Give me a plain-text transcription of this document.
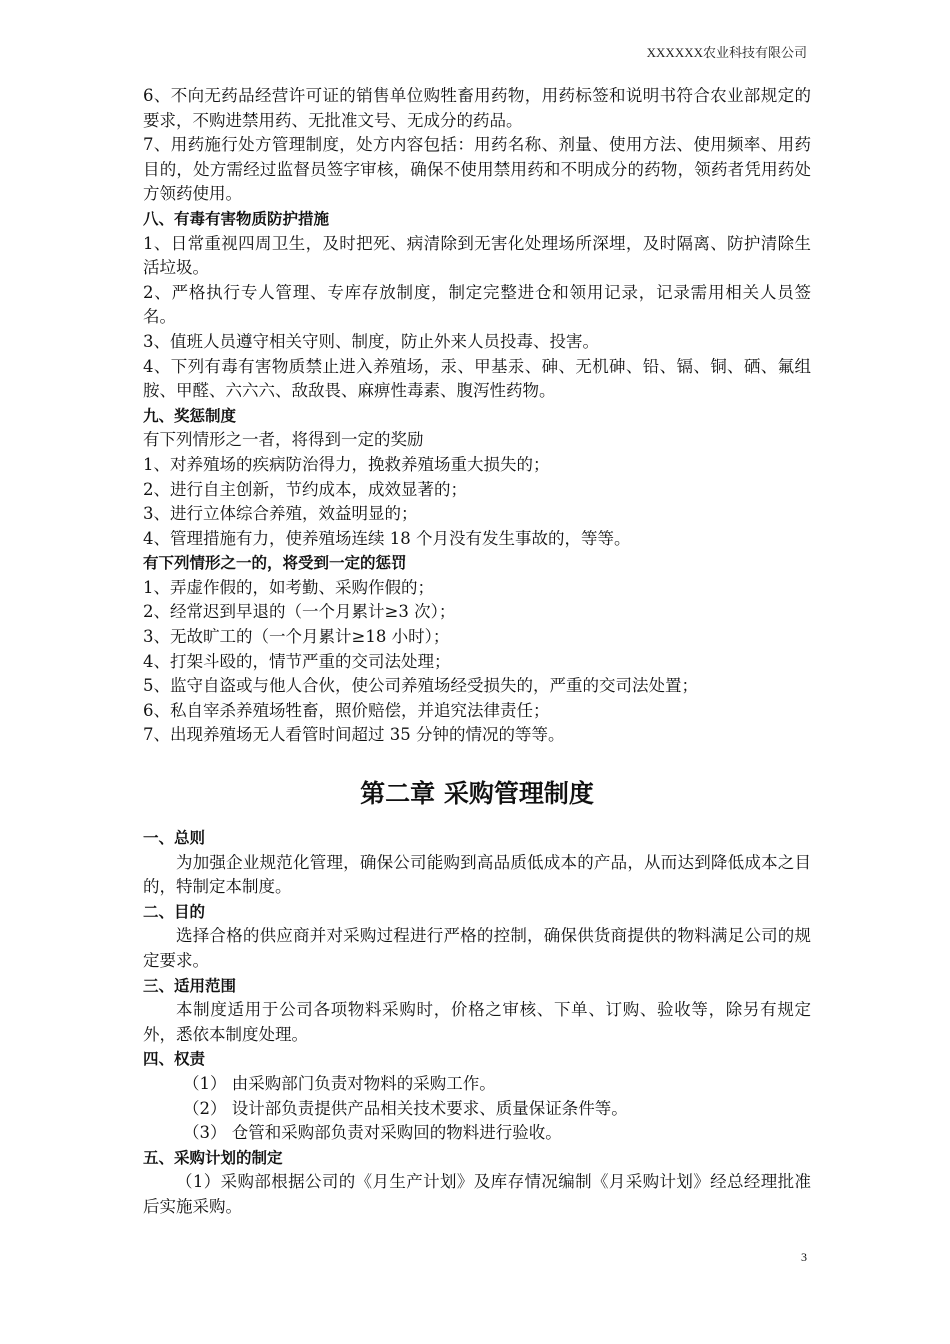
XXXXXX农业科技有限公司

6、不向无药品经营许可证的销售单位购牲畜用药物，用药标签和说明书符合农业部规定的要求，不购进禁用药、无批准文号、无成分的药品。

7、用药施行处方管理制度，处方内容包括：用药名称、剂量、使用方法、使用频率、用药目的，处方需经过监督员签字审核，确保不使用禁用药和不明成分的药物，领药者凭用药处方领药使用。

八、有毒有害物质防护措施

1、日常重视四周卫生，及时把死、病清除到无害化处理场所深埋，及时隔离、防护清除生活垃圾。

2、严格执行专人管理、专库存放制度，制定完整进仓和领用记录，记录需用相关人员签名。

3、值班人员遵守相关守则、制度，防止外来人员投毒、投害。

4、下列有毒有害物质禁止进入养殖场，汞、甲基汞、砷、无机砷、铅、镉、铜、硒、氟组胺、甲醛、六六六、敌敌畏、麻痹性毒素、腹泻性药物。

九、奖惩制度

有下列情形之一者，将得到一定的奖励

1、对养殖场的疾病防治得力，挽救养殖场重大损失的；

2、进行自主创新，节约成本，成效显著的；

3、进行立体综合养殖，效益明显的；

4、管理措施有力，使养殖场连续 18 个月没有发生事故的，等等。

有下列情形之一的，将受到一定的惩罚

1、弄虚作假的，如考勤、采购作假的；

2、经常迟到早退的（一个月累计≥3 次）；

3、无故旷工的（一个月累计≥18 小时）；

4、打架斗殴的，情节严重的交司法处理；

5、监守自盗或与他人合伙，使公司养殖场经受损失的，严重的交司法处置；

6、私自宰杀养殖场牲畜，照价赔偿，并追究法律责任；

7、出现养殖场无人看管时间超过 35 分钟的情况的等等。

第二章 采购管理制度

一、总则

为加强企业规范化管理，确保公司能购到高品质低成本的产品，从而达到降低成本之目的，特制定本制度。

二、目的

选择合格的供应商并对采购过程进行严格的控制，确保供货商提供的物料满足公司的规定要求。

三、适用范围

本制度适用于公司各项物料采购时，价格之审核、下单、订购、验收等，除另有规定外，悉依本制度处理。

四、权责

（1） 由采购部门负责对物料的采购工作。

（2） 设计部负责提供产品相关技术要求、质量保证条件等。

（3） 仓管和采购部负责对采购回的物料进行验收。

五、采购计划的制定

（1）采购部根据公司的《月生产计划》及库存情况编制《月采购计划》经总经理批准后实施采购。

3
